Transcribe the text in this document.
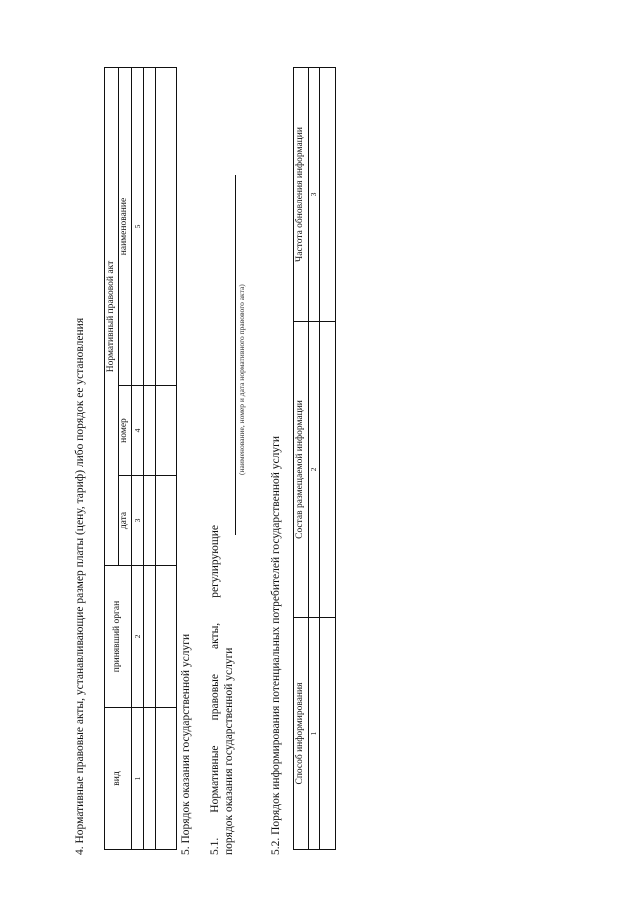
4. Нормативные правовые акты, устанавливающие размер платы (цену, тариф) либо порядок ее установления	вид	принявший орган	Нормативный правовой акт		
		дата	номер	наименование
1	2	3	4	5

5. Порядок оказания государственной услуги 5.1.
Нормативные
правовые
акты,
регулирующие
порядок оказания государственной услуги
(наименование, номер и дата нормативного правового акта)
5.2. Порядок информирования потенциальных потребителей государственной услуги Способ информирования	Состав размещаемой информации	Частота обновления информации
1	2	3
